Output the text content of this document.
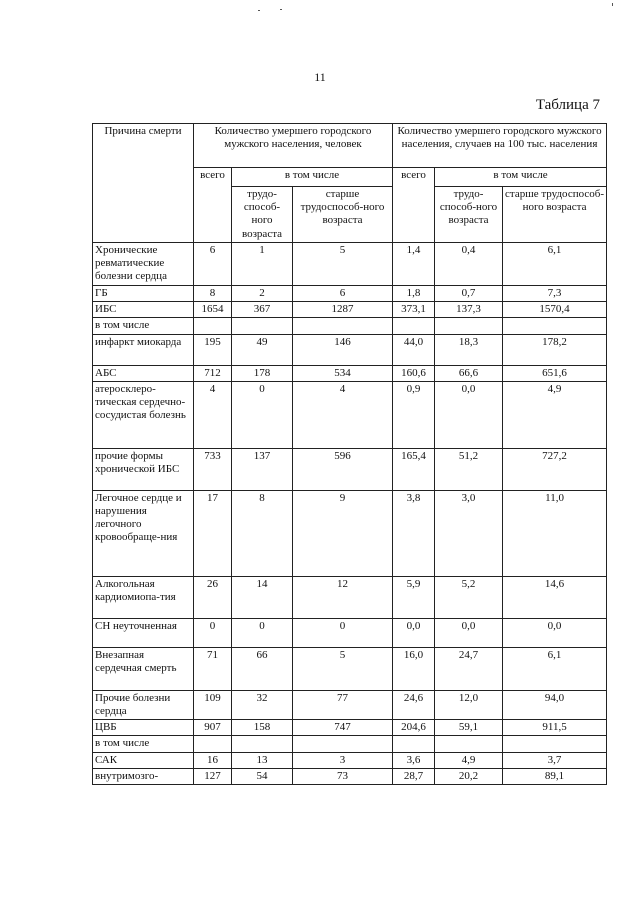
11
Таблица 7
Причина смерти	Количество умершего городского мужского населения, человек			Количество умершего городского мужского населения, случаев на 100 тыс. населения		
	всего	в том числе		всего	в том числе	
		трудо-способ-ного возраста	старше трудоспособ-ного возраста		трудо-способ-ного возраста	старше трудоспособ-ного возраста
Хронические ревматические болезни сердца	6	1	5	1,4	0,4	6,1
ГБ	8	2	6	1,8	0,7	7,3
ИБС	1654	367	1287	373,1	137,3	1570,4
в том числе						
инфаркт миокарда	195	49	146	44,0	18,3	178,2
АБС	712	178	534	160,6	66,6	651,6
атеросклеро-тическая сердечно-сосудистая болезнь	4	0	4	0,9	0,0	4,9
прочие формы хронической ИБС	733	137	596	165,4	51,2	727,2
Легочное сердце и нарушения легочного кровообраще-ния	17	8	9	3,8	3,0	11,0
Алкогольная кардиомиопа-тия	26	14	12	5,9	5,2	14,6
СН неуточненная	0	0	0	0,0	0,0	0,0
Внезапная сердечная смерть	71	66	5	16,0	24,7	6,1
Прочие болезни сердца	109	32	77	24,6	12,0	94,0
ЦВБ	907	158	747	204,6	59,1	911,5
в том числе						
САК	16	13	3	3,6	4,9	3,7
внутримозго-	127	54	73	28,7	20,2	89,1
